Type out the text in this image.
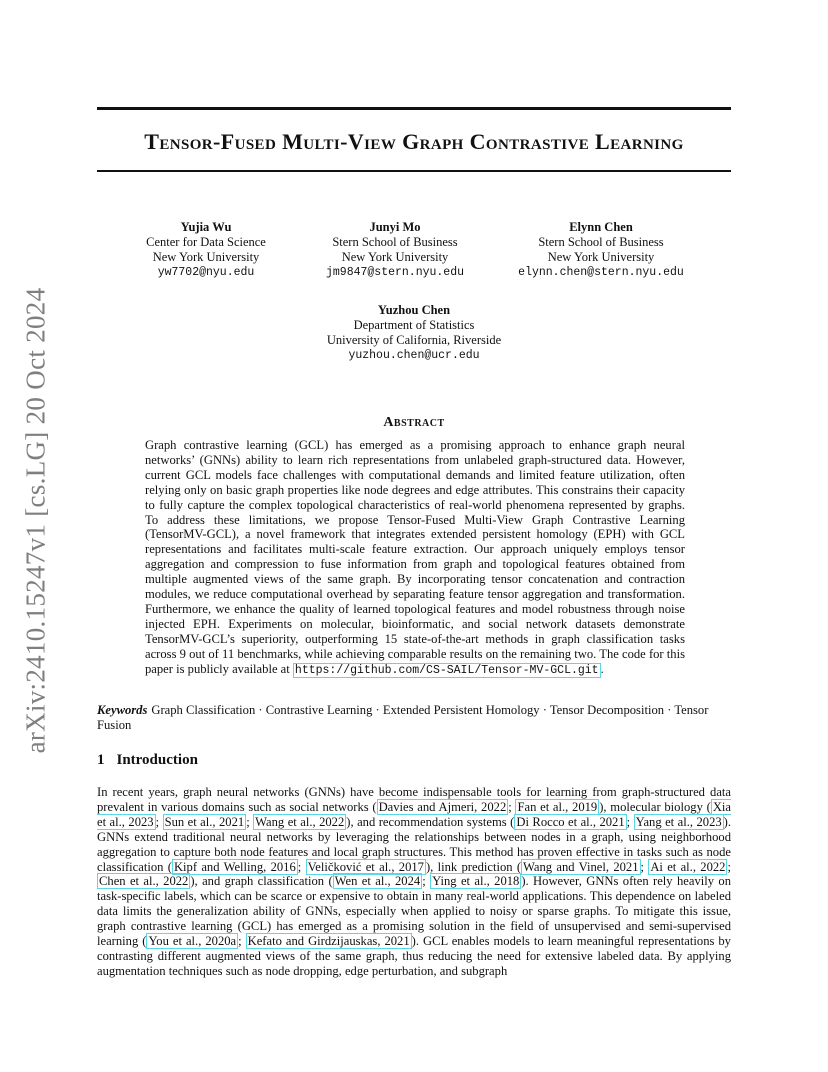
arXiv:2410.15247v1 [cs.LG] 20 Oct 2024
Tensor-Fused Multi-View Graph Contrastive Learning
Yujia Wu
Center for Data Science
New York University
yw7702@nyu.edu
Junyi Mo
Stern School of Business
New York University
jm9847@stern.nyu.edu
Elynn Chen
Stern School of Business
New York University
elynn.chen@stern.nyu.edu
Yuzhou Chen
Department of Statistics
University of California, Riverside
yuzhou.chen@ucr.edu
Abstract
Graph contrastive learning (GCL) has emerged as a promising approach to enhance graph neural networks’ (GNNs) ability to learn rich representations from unlabeled graph-structured data. However, current GCL models face challenges with computational demands and limited feature utilization, often relying only on basic graph properties like node degrees and edge attributes. This constrains their capacity to fully capture the complex topological characteristics of real-world phenomena represented by graphs. To address these limitations, we propose Tensor-Fused Multi-View Graph Contrastive Learning (TensorMV-GCL), a novel framework that integrates extended persistent homology (EPH) with GCL representations and facilitates multi-scale feature extraction. Our approach uniquely employs tensor aggregation and compression to fuse information from graph and topological features obtained from multiple augmented views of the same graph. By incorporating tensor concatenation and contraction modules, we reduce computational overhead by separating feature tensor aggregation and transformation. Furthermore, we enhance the quality of learned topological features and model robustness through noise injected EPH. Experiments on molecular, bioinformatic, and social network datasets demonstrate TensorMV-GCL’s superiority, outperforming 15 state-of-the-art methods in graph classification tasks across 9 out of 11 benchmarks, while achieving comparable results on the remaining two. The code for this paper is publicly available at https://github.com/CS-SAIL/Tensor-MV-GCL.git .
Keywords Graph Classification · Contrastive Learning · Extended Persistent Homology · Tensor Decomposition · Tensor Fusion
1 Introduction
In recent years, graph neural networks (GNNs) have become indispensable tools for learning from graph-structured data prevalent in various domains such as social networks ( Davies and Ajmeri, 2022 ; Fan et al., 2019 ), molecular biology ( Xia et al., 2023 ; Sun et al., 2021 ; Wang et al., 2022 ), and recommendation systems ( Di Rocco et al., 2021 ; Yang et al., 2023 ). GNNs extend traditional neural networks by leveraging the relationships between nodes in a graph, using neighborhood aggregation to capture both node features and local graph structures. This method has proven effective in tasks such as node classification ( Kipf and Welling, 2016 ; Veličković et al., 2017 ), link prediction ( Wang and Vinel, 2021 ; Ai et al., 2022 ; Chen et al., 2022 ), and graph classification ( Wen et al., 2024 ; Ying et al., 2018 ). However, GNNs often rely heavily on task-specific labels, which can be scarce or expensive to obtain in many real-world applications. This dependence on labeled data limits the generalization ability of GNNs, especially when applied to noisy or sparse graphs. To mitigate this issue, graph contrastive learning (GCL) has emerged as a promising solution in the field of unsupervised and semi-supervised learning ( You et al., 2020a ; Kefato and Girdzijauskas, 2021 ). GCL enables models to learn meaningful representations by contrasting different augmented views of the same graph, thus reducing the need for extensive labeled data. By applying augmentation techniques such as node dropping, edge perturbation, and subgraph
